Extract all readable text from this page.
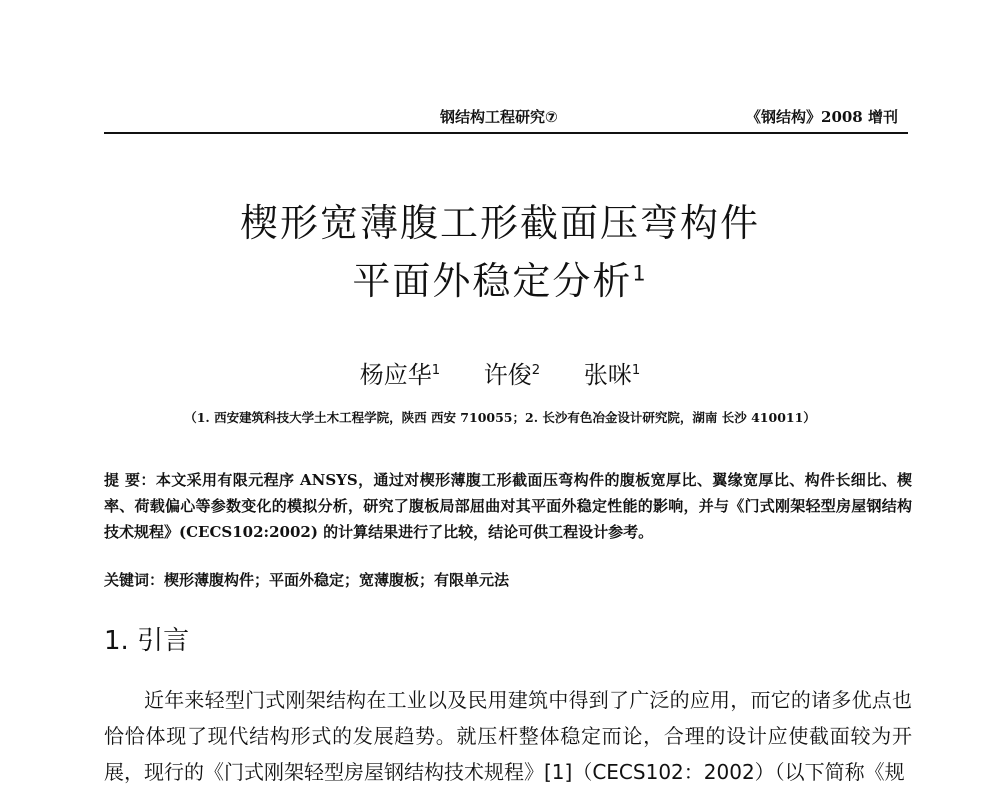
钢结构工程研究⑦	《钢结构》2008 增刊
楔形宽薄腹工形截面压弯构件
平面外稳定分析$^1$
杨应华$^1$ 许俊$^2$ 张咪$^1$
（1. 西安建筑科技大学土木工程学院，陕西 西安 710055；2. 长沙有色冶金设计研究院，湖南 长沙 410011）
提 要：本文采用有限元程序 ANSYS，通过对楔形薄腹工形截面压弯构件的腹板宽厚比、翼缘宽厚比、构件长细比、楔率、荷载偏心等参数变化的模拟分析，研究了腹板局部屈曲对其平面外稳定性能的影响，并与《门式刚架轻型房屋钢结构技术规程》(CECS102:2002) 的计算结果进行了比较，结论可供工程设计参考。
关键词：楔形薄腹构件；平面外稳定；宽薄腹板；有限单元法
1. 引言
近年来轻型门式刚架结构在工业以及民用建筑中得到了广泛的应用，而它的诸多优点也恰恰体现了现代结构形式的发展趋势。就压杆整体稳定而论，合理的设计应使截面较为开展，现行的《门式刚架轻型房屋钢结构技术规程》[1]（CECS102：2002）（以下简称《规
